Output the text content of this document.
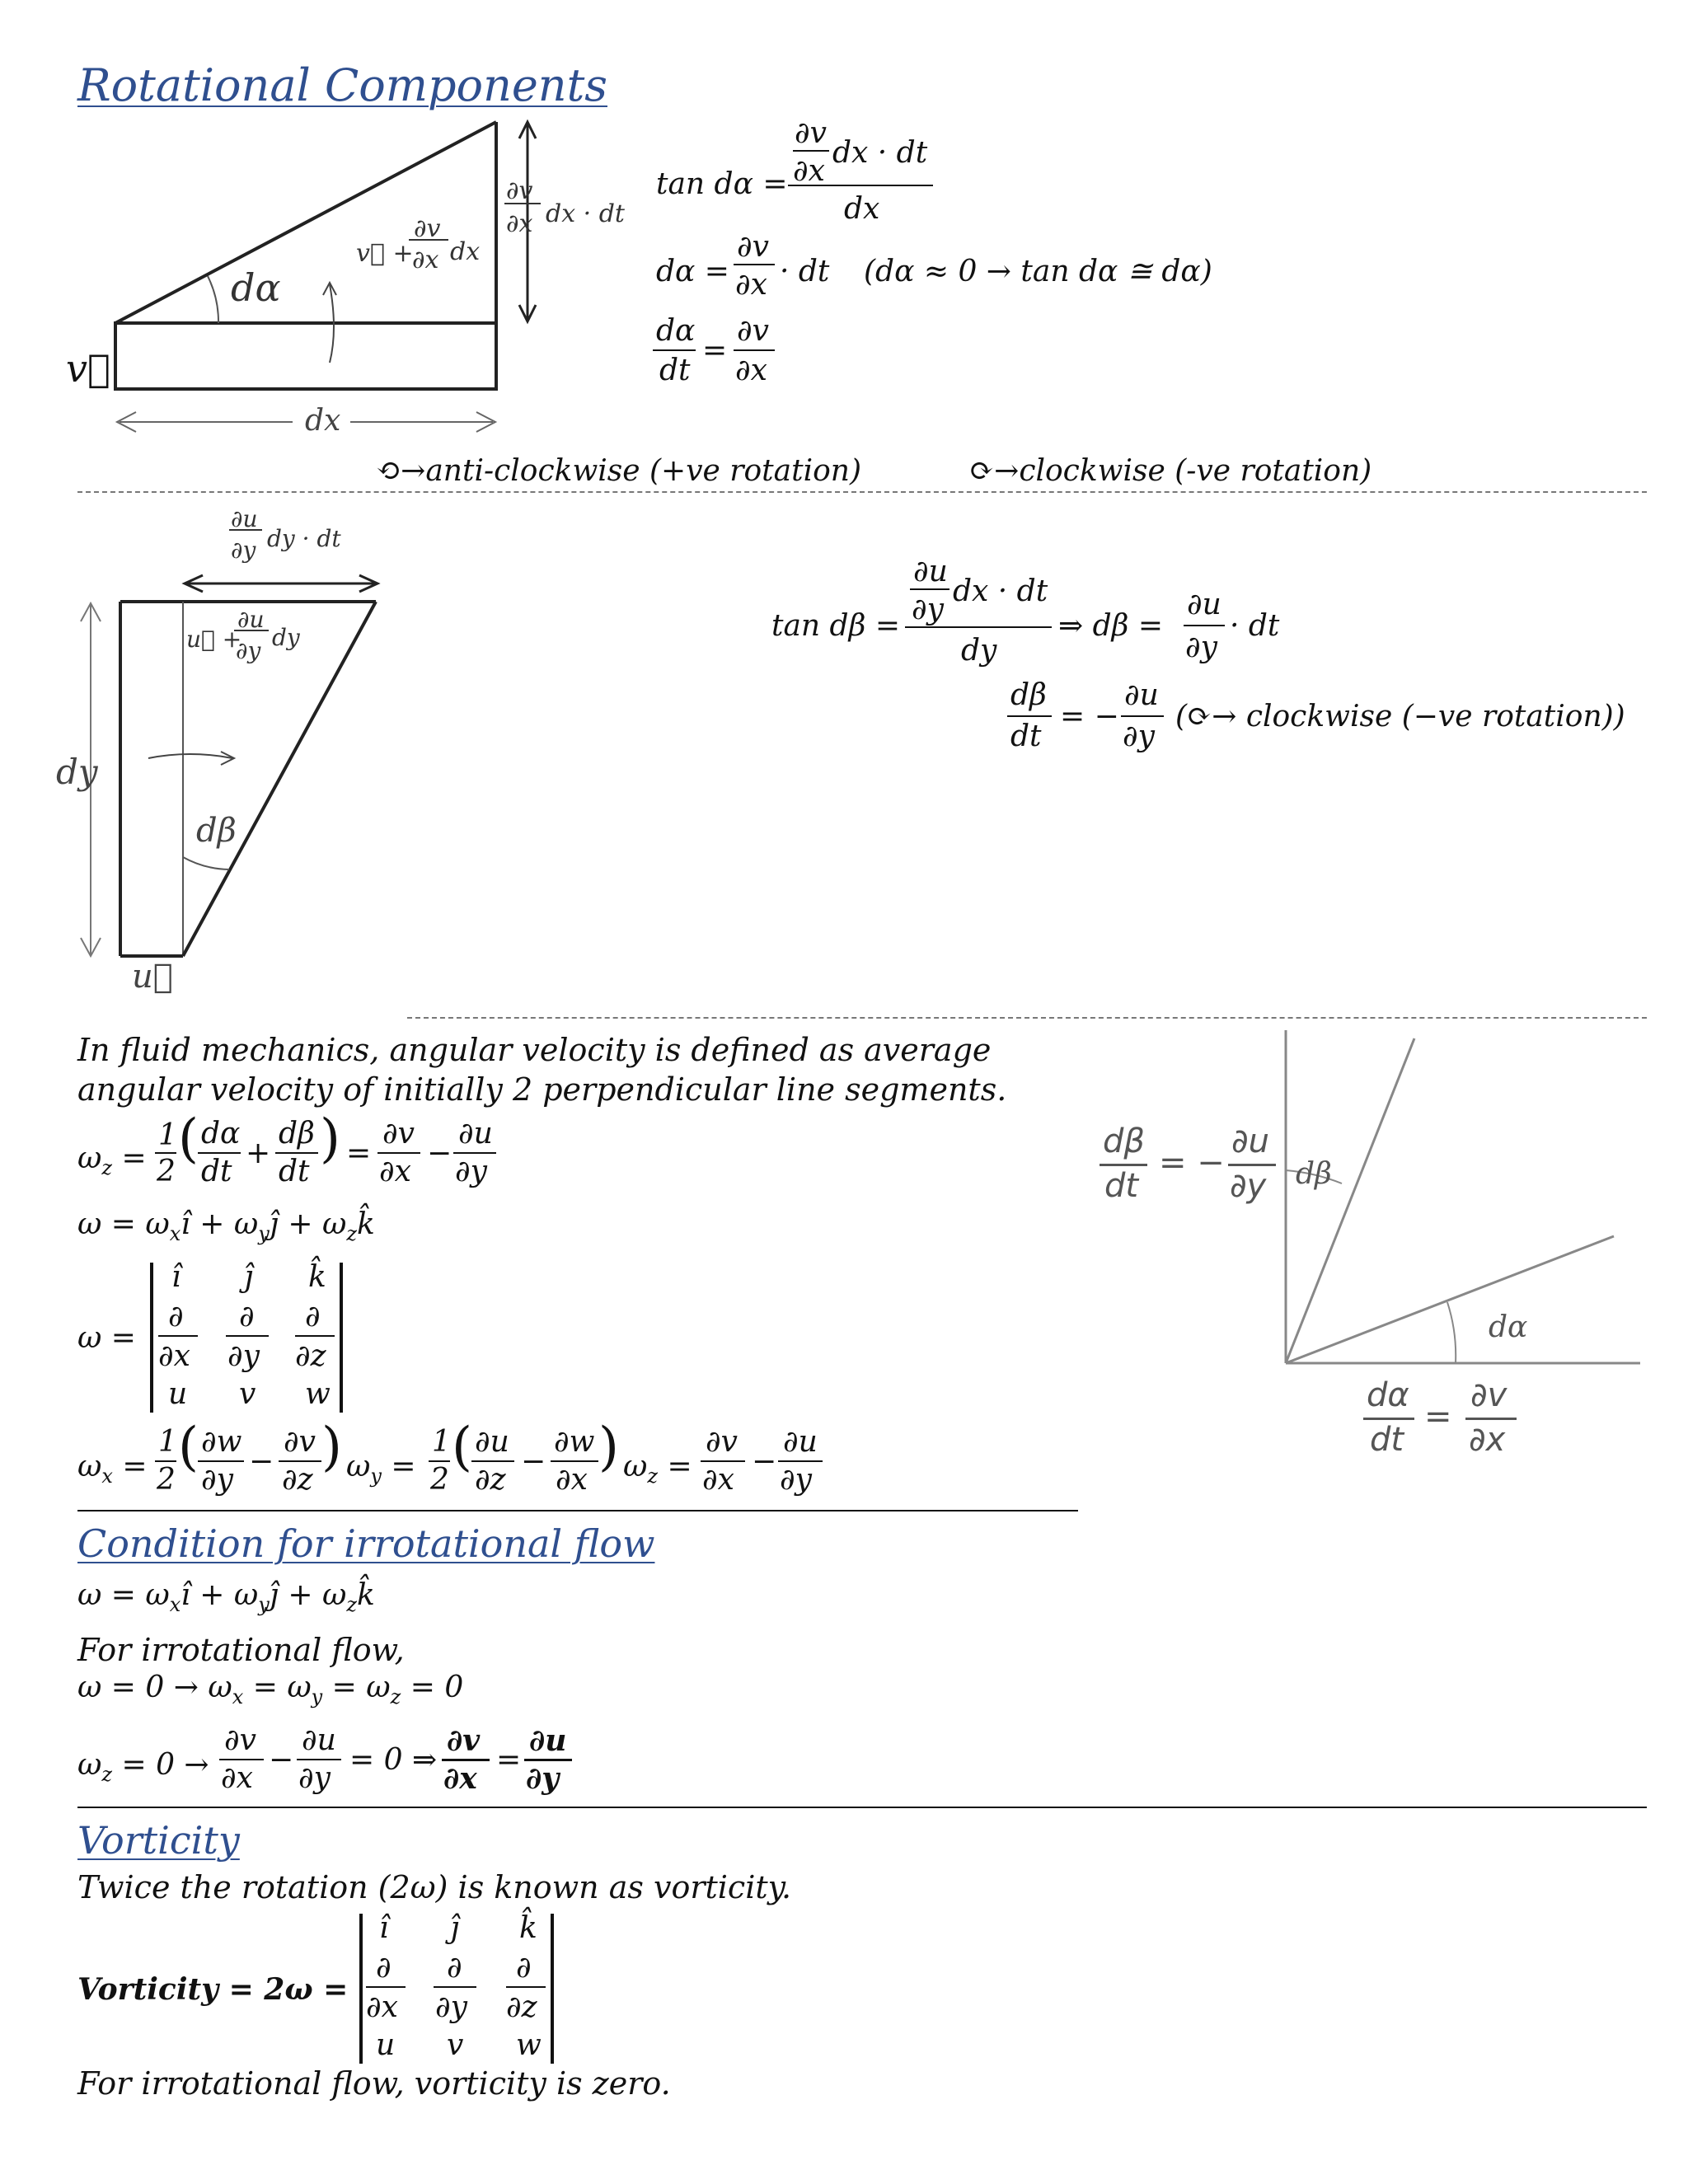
Rotational Components
v⃗
dα
dx
v⃗ +
∂v
∂x dx
∂v
∂x dx · dt
tan dα =
∂v
∂x
dx · dt
dx
dα =
∂v
∂x · dt (dα ≈ 0 → tan dα ≅ dα)
dα
dt
=
∂v
∂x
⟲→anti-clockwise (+ve rotation)	⟳→clockwise (-ve rotation)
∂u
∂y dy · dt
u⃗ +
∂u
∂y dy
dy
dβ
u⃗
tan dβ =
∂u
∂y
dx · dt
dy
⇒ dβ =
∂u
∂y
· dt
dβ
dt
= −
∂u
∂y
(⟳→ clockwise (−ve rotation))
In fluid mechanics, angular velocity is defined as average angular velocity of initially 2 perpendicular line segments.
$\omega_z$ =
1
2
( dα
dt
+
dβ
dt
) =
∂v
∂x
−
∂u
∂y
$\omega = \omega_xî$ + $\omega_yĵ$ + $\omega_zk̂$
ω =
î ĵ k̂
∂
∂x
∂
∂y
∂
∂z
u v w
$\omega_x$ =
1
2
( ∂w
∂y
−
∂v
∂z
) $\omega_y$ =
1
2
( ∂u
∂z
−
∂w
∂x
) $\omega_z$ =
∂v
∂x
−
∂u
∂y
dβ
dt
= −
∂u
∂y dβ
dα
dα
dt
=
∂v
∂x
Condition for irrotational flow
$\omega = \omega_xî$ + $\omega_yĵ$ + $\omega_zk̂$
For irrotational flow,
$\omega = 0 \to \omega_x = \omega_y = \omega_z = 0$
$\omega_z = 0$ →
∂v
∂x
−
∂u
∂y
= 0 ⇒
∂v
∂x
=
∂u
∂y
Vorticity
Twice the rotation (2ω) is known as vorticity.
Vorticity = 2ω =
î ĵ k̂
∂
∂x
∂
∂y
∂
∂z
u v w
For irrotational flow, vorticity is zero.
